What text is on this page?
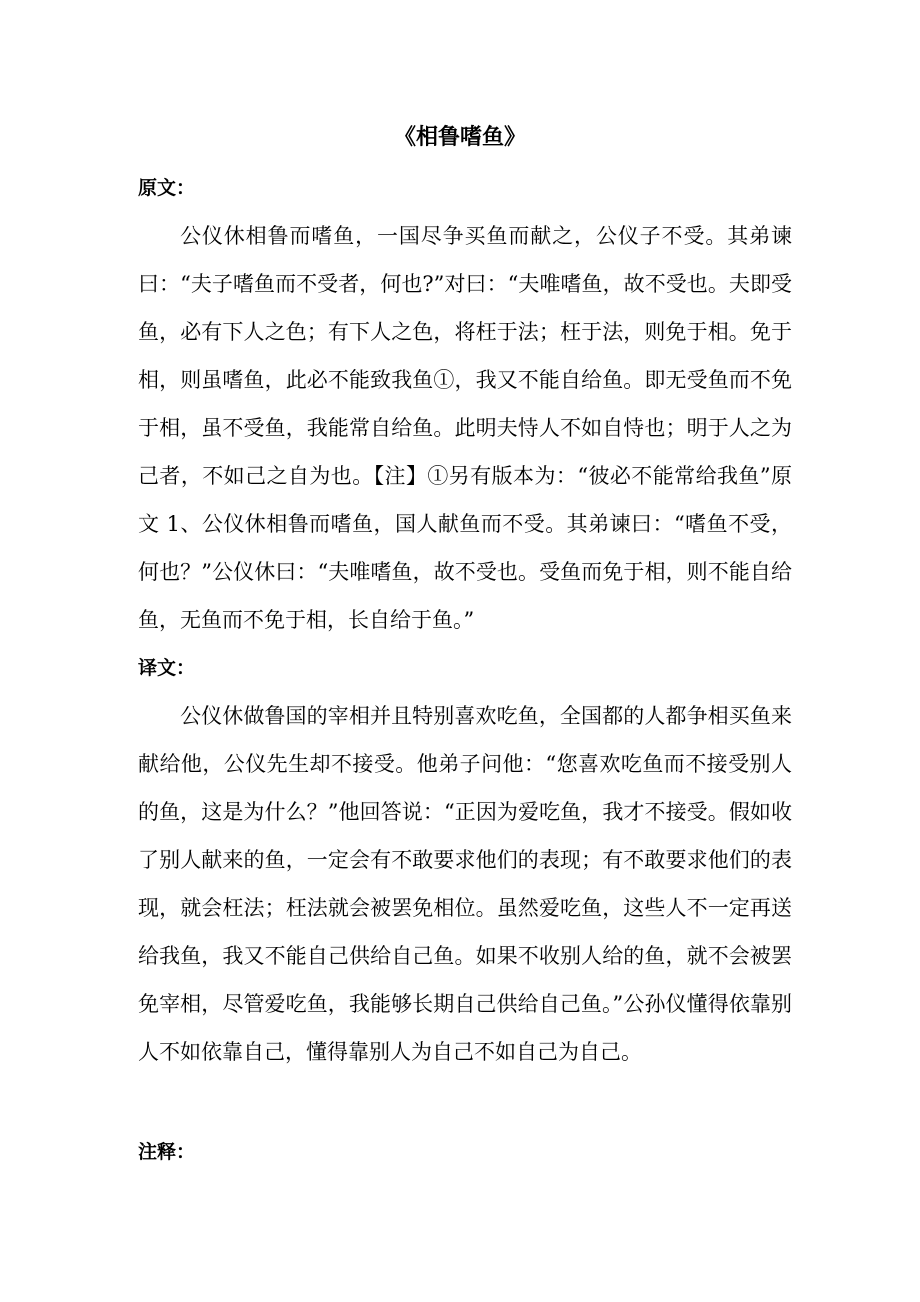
《相鲁嗜鱼》
原文：

公仪休相鲁而嗜鱼，一国尽争买鱼而献之，公仪子不受。其弟谏曰：“夫子嗜鱼而不受者，何也?”对曰：“夫唯嗜鱼，故不受也。夫即受鱼，必有下人之色；有下人之色，将枉于法；枉于法，则免于相。免于相，则虽嗜鱼，此必不能致我鱼①，我又不能自给鱼。即无受鱼而不免于相，虽不受鱼，我能常自给鱼。此明夫恃人不如自恃也；明于人之为己者，不如己之自为也。【注】①另有版本为：“彼必不能常给我鱼”原文 1、公仪休相鲁而嗜鱼，国人献鱼而不受。其弟谏曰：“嗜鱼不受，何也？”公仪休曰：“夫唯嗜鱼，故不受也。受鱼而免于相，则不能自给鱼，无鱼而不免于相，长自给于鱼。”

译文：

公仪休做鲁国的宰相并且特别喜欢吃鱼，全国都的人都争相买鱼来献给他，公仪先生却不接受。他弟子问他：“您喜欢吃鱼而不接受别人的鱼，这是为什么？”他回答说：“正因为爱吃鱼，我才不接受。假如收了别人献来的鱼，一定会有不敢要求他们的表现；有不敢要求他们的表现，就会枉法；枉法就会被罢免相位。虽然爱吃鱼，这些人不一定再送给我鱼，我又不能自己供给自己鱼。如果不收别人给的鱼，就不会被罢免宰相，尽管爱吃鱼，我能够长期自己供给自己鱼。”公孙仪懂得依靠别人不如依靠自己，懂得靠别人为自己不如自己为自己。

注释：
